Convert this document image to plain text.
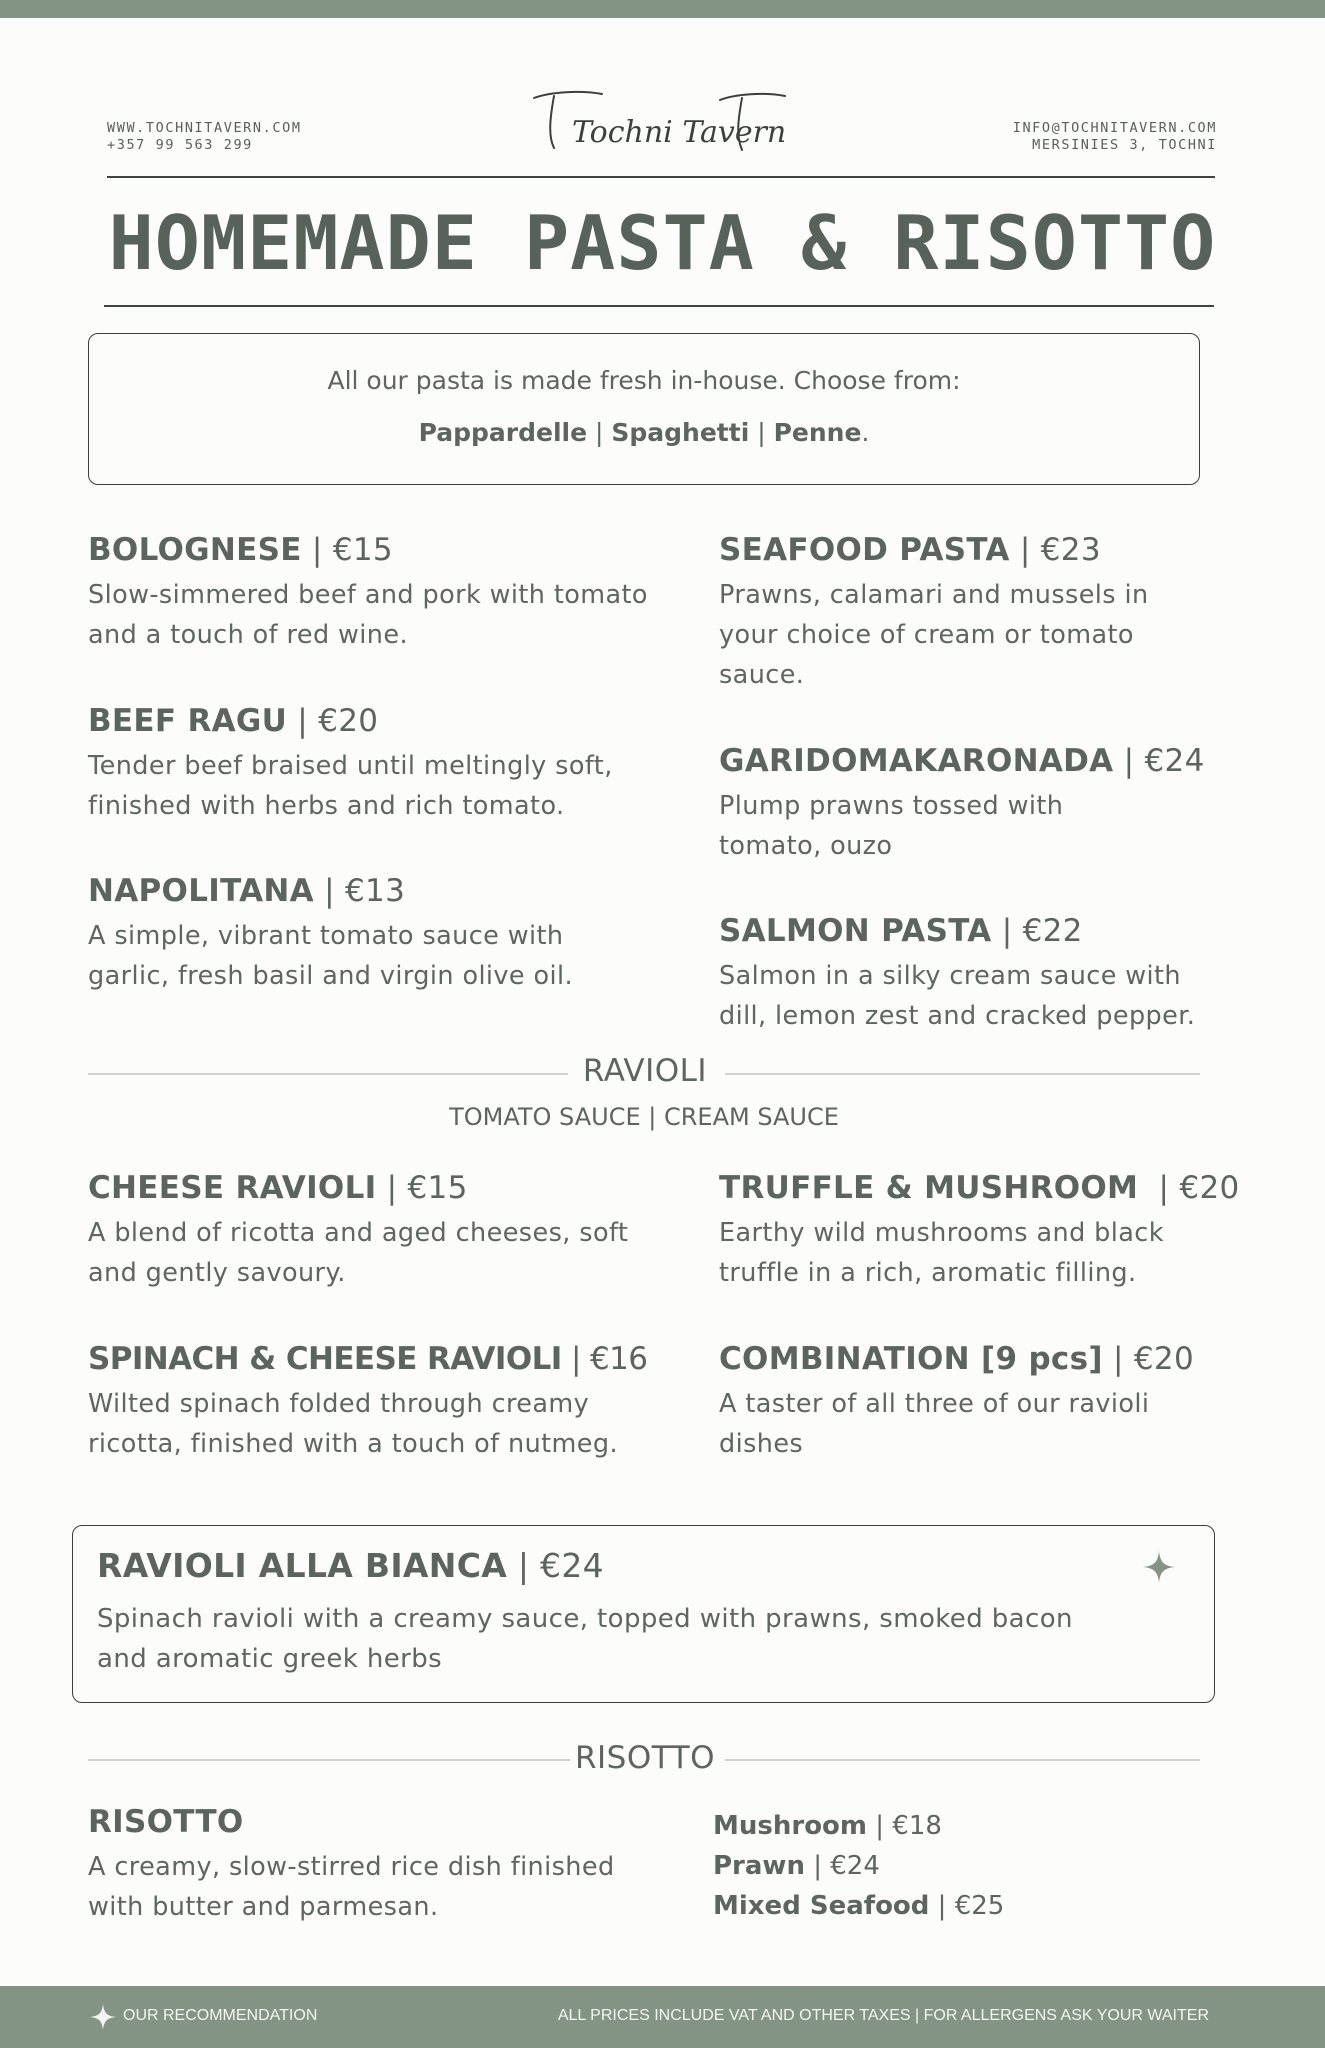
WWW.TOCHNITAVERN.COM
+357 99 563 299	Tochni Tavern	INFO@TOCHNITAVERN.COM
MERSINIES 3, TOCHNI
HOMEMADE PASTA & RISOTTO
All our pasta is made fresh in-house. Choose from:
Pappardelle | Spaghetti | Penne.
BOLOGNESE | €15

Slow-simmered beef and pork with tomato and a touch of red wine.

BEEF RAGU | €20

Tender beef braised until meltingly soft, finished with herbs and rich tomato.

NAPOLITANA | €13

A simple, vibrant tomato sauce with garlic, fresh basil and virgin olive oil.

SEAFOOD PASTA | €23

Prawns, calamari and mussels in your choice of cream or tomato sauce.

GARIDOMAKARONADA | €24

Plump prawns tossed with tomato, ouzo

SALMON PASTA | €22

Salmon in a silky cream sauce with dill, lemon zest and cracked pepper.

RAVIOLI
TOMATO SAUCE | CREAM SAUCE
CHEESE RAVIOLI | €15

A blend of ricotta and aged cheeses, soft and gently savoury.

SPINACH & CHEESE RAVIOLI | €16

Wilted spinach folded through creamy ricotta, finished with a touch of nutmeg.

TRUFFLE & MUSHROOM  | €20

Earthy wild mushrooms and black truffle in a rich, aromatic filling.

COMBINATION [9 pcs] | €20

A taster of all three of our ravioli dishes

RAVIOLI ALLA BIANCA | €24

Spinach ravioli with a creamy sauce, topped with prawns, smoked bacon and aromatic greek herbs

RISOTTO
RISOTTO

A creamy, slow-stirred rice dish finished with butter and parmesan.

Mushroom | €18
Prawn | €24
Mixed Seafood | €25
OUR RECOMMENDATION	ALL PRICES INCLUDE VAT AND OTHER TAXES | FOR ALLERGENS ASK YOUR WAITER
